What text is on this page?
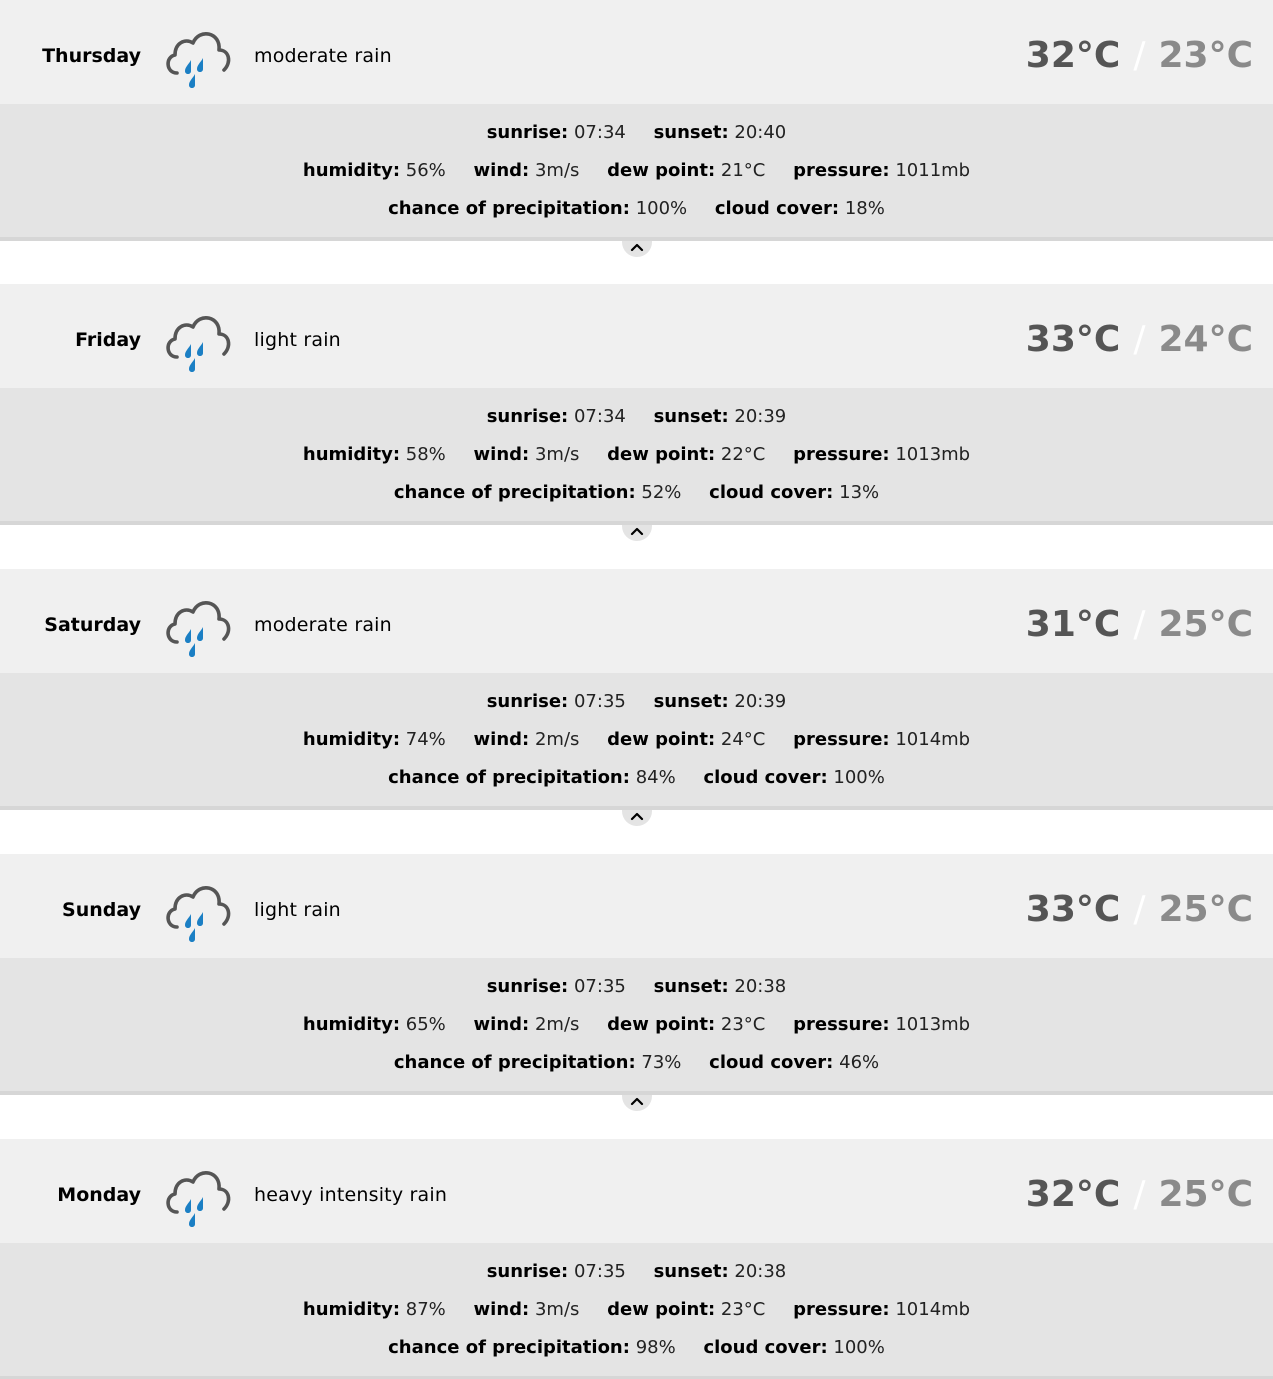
Thursday	moderate rain	32°C / 23°C
sunrise: 07:34 sunset: 20:40
humidity: 56% wind: 3m/s dew point: 21°C pressure: 1011mb
chance of precipitation: 100% cloud cover: 18%
Friday	light rain	33°C / 24°C
sunrise: 07:34 sunset: 20:39
humidity: 58% wind: 3m/s dew point: 22°C pressure: 1013mb
chance of precipitation: 52% cloud cover: 13%
Saturday	moderate rain	31°C / 25°C
sunrise: 07:35 sunset: 20:39
humidity: 74% wind: 2m/s dew point: 24°C pressure: 1014mb
chance of precipitation: 84% cloud cover: 100%
Sunday	light rain	33°C / 25°C
sunrise: 07:35 sunset: 20:38
humidity: 65% wind: 2m/s dew point: 23°C pressure: 1013mb
chance of precipitation: 73% cloud cover: 46%
Monday	heavy intensity rain	32°C / 25°C
sunrise: 07:35 sunset: 20:38
humidity: 87% wind: 3m/s dew point: 23°C pressure: 1014mb
chance of precipitation: 98% cloud cover: 100%
